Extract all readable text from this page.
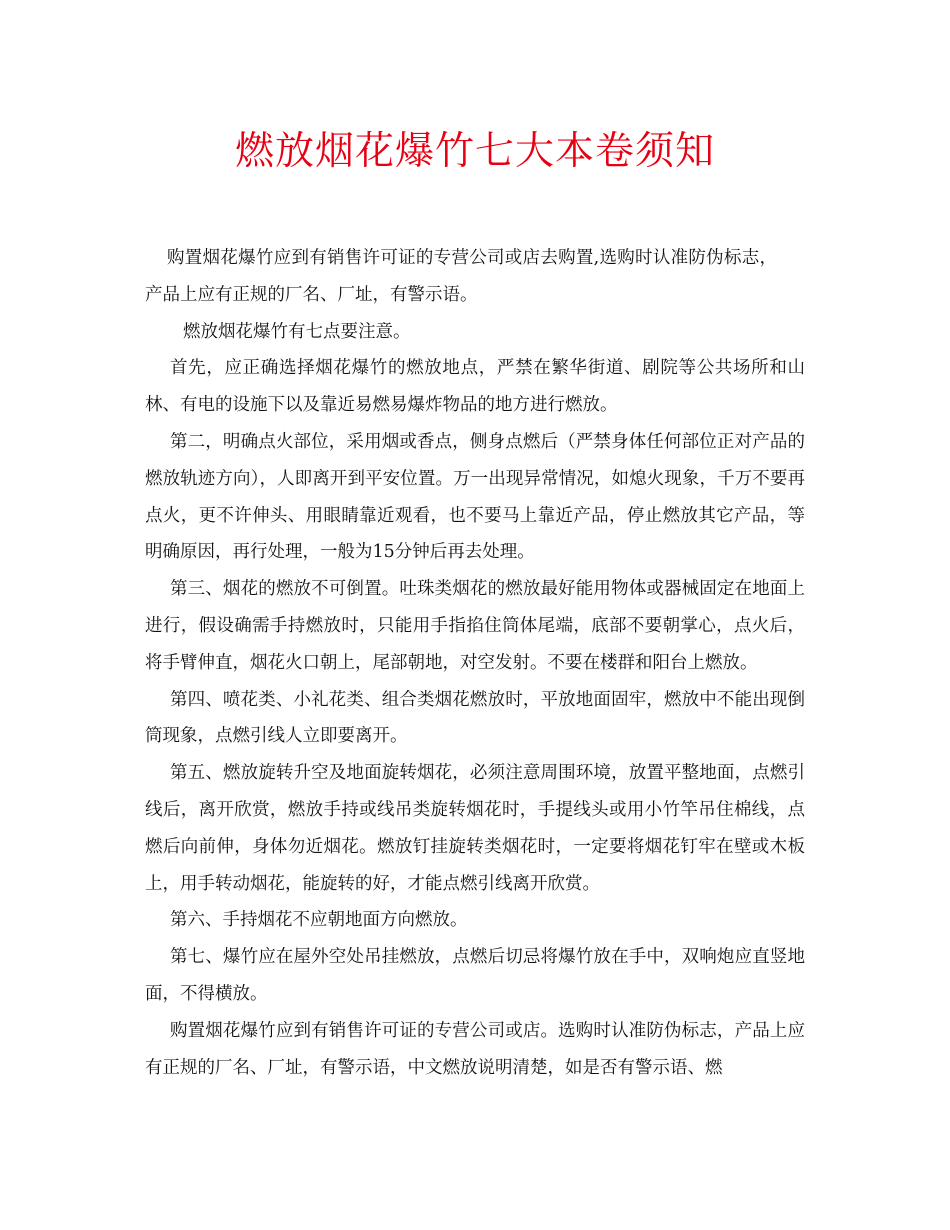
燃放烟花爆竹七大本卷须知

购置烟花爆竹应到有销售许可证的专营公司或店去购置,选购时认准防伪标志，产品上应有正规的厂名、厂址，有警示语。

燃放烟花爆竹有七点要注意。

首先，应正确选择烟花爆竹的燃放地点，严禁在繁华街道、剧院等公共场所和山林、有电的设施下以及靠近易燃易爆炸物品的地方进行燃放。

第二，明确点火部位，采用烟或香点，侧身点燃后（严禁身体任何部位正对产品的燃放轨迹方向），人即离开到平安位置。万一出现异常情况，如熄火现象，千万不要再点火，更不许伸头、用眼睛靠近观看，也不要马上靠近产品，停止燃放其它产品，等明确原因，再行处理，一般为15分钟后再去处理。

第三、烟花的燃放不可倒置。吐珠类烟花的燃放最好能用物体或器械固定在地面上进行，假设确需手持燃放时，只能用手指掐住筒体尾端，底部不要朝掌心，点火后，将手臂伸直，烟花火口朝上，尾部朝地，对空发射。不要在楼群和阳台上燃放。

第四、喷花类、小礼花类、组合类烟花燃放时，平放地面固牢，燃放中不能出现倒筒现象，点燃引线人立即要离开。

第五、燃放旋转升空及地面旋转烟花，必须注意周围环境，放置平整地面，点燃引线后，离开欣赏，燃放手持或线吊类旋转烟花时，手提线头或用小竹竿吊住棉线，点燃后向前伸，身体勿近烟花。燃放钉挂旋转类烟花时，一定要将烟花钉牢在壁或木板上，用手转动烟花，能旋转的好，才能点燃引线离开欣赏。

第六、手持烟花不应朝地面方向燃放。

第七、爆竹应在屋外空处吊挂燃放，点燃后切忌将爆竹放在手中，双响炮应直竖地面，不得横放。

购置烟花爆竹应到有销售许可证的专营公司或店。选购时认准防伪标志，产品上应有正规的厂名、厂址，有警示语，中文燃放说明清楚，如是否有警示语、燃
